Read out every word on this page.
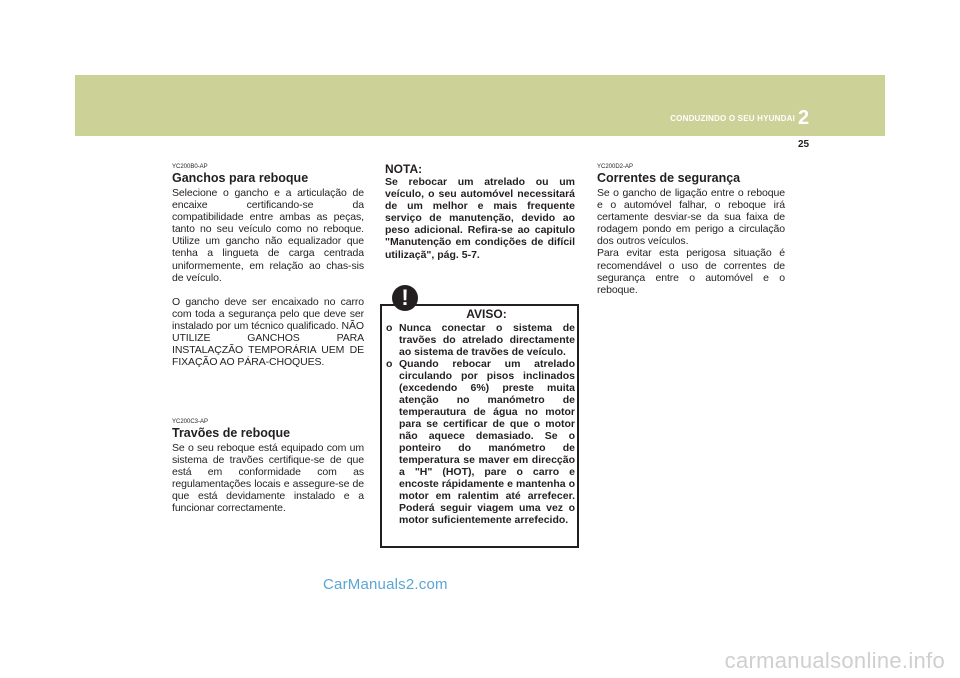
CONDUZINDO O SEU HYUNDAI 2
25

YC200B0-AP

Ganchos para reboque

Selecione o gancho e a articulação de encaixe certificando-se da compatibilidade entre ambas as peças, tanto no seu veículo como no reboque. Utilize um gancho não equalizador que tenha a lingueta de carga centrada uniformemente, em relação ao chas-sis de veículo.

O gancho deve ser encaixado no carro com toda a segurança pelo que deve ser instalado por um técnico qualificado. NÃO UTILIZE GANCHOS PARA INSTALAÇZÃO TEMPORÁRIA UEM DE FIXAÇÃO AO PÁRA-CHOQUES.

YC200C3-AP

Travões de reboque

Se o seu reboque está equipado com um sistema de travões certifique-se de que está em conformidade com as regulamentações locais e assegure-se de que está devidamente instalado e a funcionar correctamente.

NOTA:

Se rebocar um atrelado ou um veículo, o seu automóvel necessitará de um melhor e mais frequente serviço de manutenção, devido ao peso adicional. Refira-se ao capitulo "Manutenção em condições de difícil utilizaçã", pág. 5-7.

!
AVISO:
o Nunca conectar o sistema de travões do atrelado directamente ao sistema de travões de veículo.
o Quando rebocar um atrelado circulando por pisos inclinados (excedendo 6%) preste muita atenção no manómetro de temperautura de água no motor para se certificar de que o motor não aquece demasiado. Se o ponteiro do manómetro de temperatura se maver em direcção a "H" (HOT), pare o carro e encoste rápidamente e mantenha o motor em ralentim até arrefecer. Poderá seguir viagem uma vez o motor suficientemente arrefecido.

YC200D2-AP

Correntes de segurança

Se o gancho de ligação entre o reboque e o automóvel falhar, o reboque irá certamente desviar-se da sua faixa de rodagem pondo em perigo a circulação dos outros veículos.

Para evitar esta perigosa situação é recomendável o uso de correntes de segurança entre o automóvel e o reboque.

CarManuals2.com
carmanualsonline.info
